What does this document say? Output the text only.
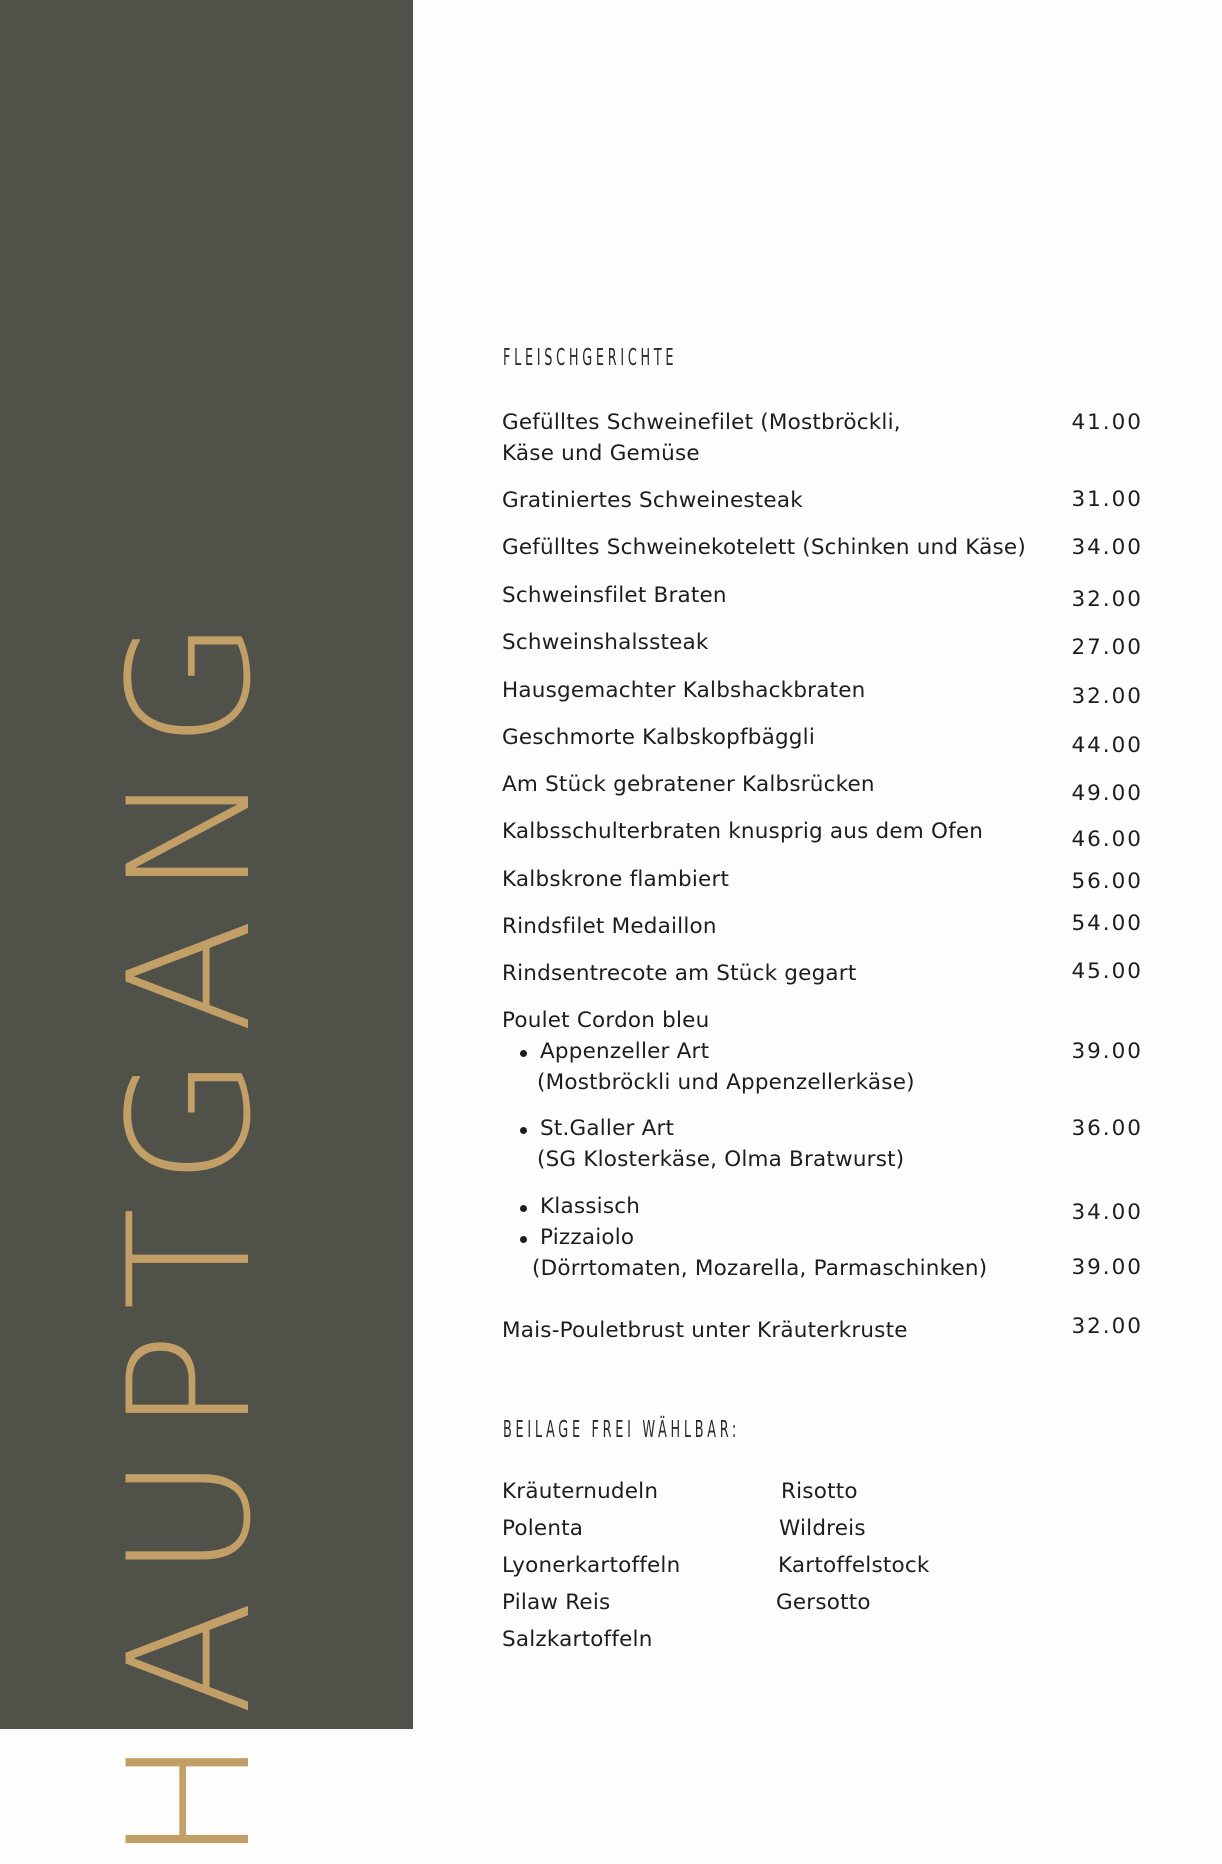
HAUPTGANG
FLEISCHGERICHTE
Gefülltes Schweinefilet (Mostbröckli,
Käse und Gemüse
41.00
Gratiniertes Schweinesteak	31.00
Gefülltes Schweinekotelett (Schinken und Käse)	34.00
Schweinsfilet Braten	32.00
Schweinshalssteak	27.00
Hausgemachter Kalbshackbraten	32.00
Geschmorte Kalbskopfbäggli	44.00
Am Stück gebratener Kalbsrücken	49.00
Kalbsschulterbraten knusprig aus dem Ofen	46.00
Kalbskrone flambiert	56.00
Rindsfilet Medaillon	54.00
Rindsentrecote am Stück gegart	45.00
Poulet Cordon bleu
Appenzeller Art
(Mostbröckli und Appenzellerkäse)
39.00
St.Galler Art
(SG Klosterkäse, Olma Bratwurst)
36.00
Klassisch	34.00
Pizzaiolo
(Dörrtomaten, Mozarella, Parmaschinken)	39.00
Mais-Pouletbrust unter Kräuterkruste	32.00
BEILAGE FREI WÄHLBAR:
Kräuternudeln
Polenta
Lyonerkartoffeln
Pilaw Reis
Salzkartoffeln
Risotto
Wildreis
Kartoffelstock
Gersotto
